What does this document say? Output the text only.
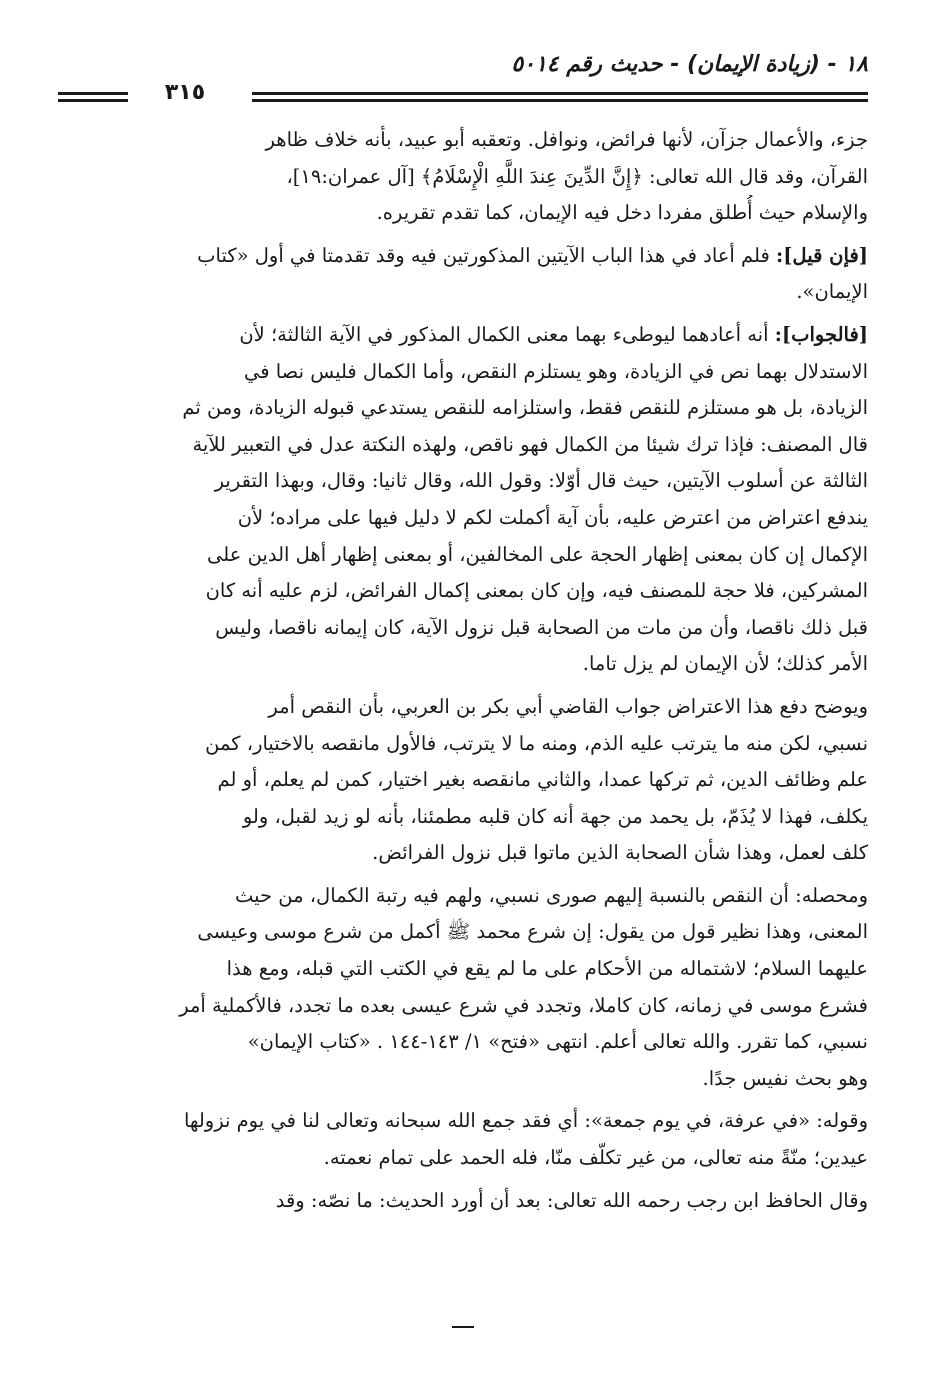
١٨ - (زيادة الإيمان) - حديث رقم ٥٠١٤
٣١٥
جزء، والأعمال جزآن، لأنها فرائض، ونوافل. وتعقبه أبو عبيد، بأنه خلاف ظاهر
القرآن، وقد قال الله تعالى: ﴿إِنَّ الدِّينَ عِندَ اللَّهِ الْإِسْلَامُ﴾ [آل عمران:١٩]،
والإسلام حيث أُطلق مفردا دخل فيه الإيمان، كما تقدم تقريره.
[فإن قيل]: فلم أعاد في هذا الباب الآيتين المذكورتين فيه وقد تقدمتا في أول «كتاب
الإيمان».
[فالجواب]: أنه أعادهما ليوطىء بهما معنى الكمال المذكور في الآية الثالثة؛ لأن
الاستدلال بهما نص في الزيادة، وهو يستلزم النقص، وأما الكمال فليس نصا في
الزيادة، بل هو مستلزم للنقص فقط، واستلزامه للنقص يستدعي قبوله الزيادة، ومن ثم
قال المصنف: فإذا ترك شيئا من الكمال فهو ناقص، ولهذه النكتة عدل في التعبير للآية
الثالثة عن أسلوب الآيتين، حيث قال أوّلا: وقول الله، وقال ثانيا: وقال، وبهذا التقرير
يندفع اعتراض من اعترض عليه، بأن آية أكملت لكم لا دليل فيها على مراده؛ لأن
الإكمال إن كان بمعنى إظهار الحجة على المخالفين، أو بمعنى إظهار أهل الدين على
المشركين، فلا حجة للمصنف فيه، وإن كان بمعنى إكمال الفرائض، لزم عليه أنه كان
قبل ذلك ناقصا، وأن من مات من الصحابة قبل نزول الآية، كان إيمانه ناقصا، وليس
الأمر كذلك؛ لأن الإيمان لم يزل تاما.
ويوضح دفع هذا الاعتراض جواب القاضي أبي بكر بن العربي، بأن النقص أمر
نسبي، لكن منه ما يترتب عليه الذم، ومنه ما لا يترتب، فالأول مانقصه بالاختيار، كمن
علم وظائف الدين، ثم تركها عمدا، والثاني مانقصه بغير اختيار، كمن لم يعلم، أو لم
يكلف، فهذا لا يُذَمّ، بل يحمد من جهة أنه كان قلبه مطمئنا، بأنه لو زيد لقبل، ولو
كلف لعمل، وهذا شأن الصحابة الذين ماتوا قبل نزول الفرائض.
ومحصله: أن النقص بالنسبة إليهم صورى نسبي، ولهم فيه رتبة الكمال، من حيث
المعنى، وهذا نظير قول من يقول: إن شرع محمد ﷺ أكمل من شرع موسى وعيسى
عليهما السلام؛ لاشتماله من الأحكام على ما لم يقع في الكتب التي قبله، ومع هذا
فشرع موسى في زمانه، كان كاملا، وتجدد في شرع عيسى بعده ما تجدد، فالأكملية أمر
نسبي، كما تقرر. والله تعالى أعلم. انتهى «فتح» ١/ ١٤٣-١٤٤ . «كتاب الإيمان»
وهو بحث نفيس جدًا.
وقوله: «في عرفة، في يوم جمعة»: أي فقد جمع الله سبحانه وتعالى لنا في يوم نزولها
عيدين؛ منّةً منه تعالى، من غير تكلّف منّا، فله الحمد على تمام نعمته.
وقال الحافظ ابن رجب رحمه الله تعالى: بعد أن أورد الحديث: ما نصّه: وقد
